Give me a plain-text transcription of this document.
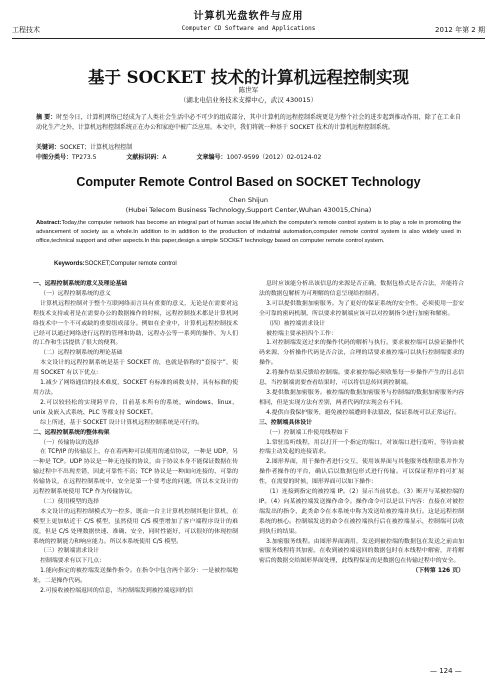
计算机光盘软件与应用
工程技术	Computer CD Software and Applications	2012 年第 2 期
基于 SOCKET 技术的计算机远程控制实现
陈世军
（湖北电信业务技术支撑中心，武汉 430015）
摘 要：时至今日，计算机网络已经成为了人类社会生活中必不可少的组成部分，其中计算机的远程控制系统更是为整个社会的进步起到推动作用，除了在工业自动化生产之外，计算机远程控制系统正在办公和家庭中被广泛应用。本文中，我们将就一种基于 SOCKET 技术的计算机远程控制系统。
关键词：SOCKET；计算机远程控制
中图分类号：TP273.5	文献标识码：A	文章编号：1007-9599（2012）02-0124-02
Computer Remote Control Based on SOCKET Technology
Chen Shijun
(Hubei Telecom Business Technology,Support Center,Wuhan 430015,China)
Abstract:Today,the computer network has become an integral part of human social life,which the computer's remote control system is to play a role in promoting the advancement of society as a whole.In addition to in addition to the production of industrial automation,computer remote control system is also widely used in office,technical support and other aspects.In this paper,design a simple SOCKET technology based on computer remote control system.
Keywords:SOCKET;Computer remote control

一、远程控制系统的意义及理论基础

（一）远程控制系统的意义

计算机远程控制对于整个互联网络而言具有重要的意义，无论是在需要对远程技术支持或者是在需要办公的数据操作的时候，远程控制技术都是计算机网络技术中一个不可或缺的重要组成部分。例如在企业中，计算机远程控制技术已经可以通过网络进行远程的管理和协助，远程办公等一系列的操作，为人们的工作和生活提供了很大的便利。

（二）远程控制系统的理论基础

本文设计的远程控制系统是基于 SOCKET 的，也就是俗称的“套接字”，使用 SOCKET 有以下优点：

1.减少了网络通信的技术难度，SOCKET 有标准的函数支持，具有标准的使用方法。

2.可以较轻松的实现跨平台，目前基本所有的系统，windows、linux、unix 及嵌入式系统、PLC 等都支持 SOCKET。

综上所述，基于 SOCKET 设计计算机远程控制系统是可行的。

二、远程控制系统的整体构架

（一）传输协议的选择

在 TCP/IP 的传输层上，存在着两种可以使用的通信协议，一种是 UDP，另一种是 TCP。UDP 协议是一种无连接的协议，由于协议本身不能保证数据在传输过程中不出现差错，因此可靠性不高；TCP 协议是一种面向连接的、可靠的传输协议，在远程控制系统中，安全是第一个要考虑的问题，所以本文设计的远程控制系统使用 TCP 作为传输协议。

（二）使用模型的选择

本文设计的远程控制模式为一控多，既由一台主计算机控制其他计算机，在模型上更加贴近于 C/S 模型，虽然使用 C/S 模型增加了客户端程序设计的难度，但是 C/S 处理数据快速、准确、安全，同时性能好，可以很好的体现控制系统的控制能力和响应能力。所以本系统使用 C/S 模型。

（三）控制端需求设计

控制端要求有以下几点：

1.能向指定的被控端发送操作指令。在指令中包含两个部分：一是被控端地址，二是操作代码。

2.可接收被控端返回的信息，当控制端发到被控端返回的信

息时应该能分析出该信息的来源是否正确，数据包格式是否合法，并能将合法的数据包解析为可理解的信息呈现给控制者。

3.可以提供数据加密服务。为了更好的保证系统的安全性，必须使用一套安全可靠的密码机制，所以要求控制端应该可以对控制指令进行加密和解密。

（四）被控端需求设计

被控端主要承担四个工作：

1.对控制端发送过来的操作代码的解析与执行。要求被控端可以验证操作代码来源，分析操作代码是否合法，合理的话要求被控端可以执行控制端要求的操作。

2.将操作结果反馈给控制端。要求被控端必须收集每一步操作产生的日志信息，当控制端需要查看结果时，可以将信息传回到控制端。

3.提供数据加密服务。被控端的数据加密服务与控制端的数据加密服务内容相同，但是实现方法有差别，两者代码的实现会有不同。

4.提供自我保护服务，避免被控端遭到非法篡改，保证系统可以正常运行。

三、控制端具体设计

（一）控制端工作使用线程如下

1.常驻监听线程，用以打开一个指定的端口，对该端口进行监听，等待由被控端主动发起的连接请求。

2.图形界面，用于操作者进行交互，使用该界面与其他服务线程联系并作为操作者操作的平台，确认后以数据包形式进行传输。可以保证程序的可扩展性，在需要的时候，图形界面可以如下操作：

（1）连接到指定的被控端 IP。（2）显示当前状态。（3）断开与某被控端的 IP。（4）向某被控端发送操作命令。操作命令可以是以下内容：直接在对被控端发出的指令，此类命令在本系统中称为发送给被控端并执行。这是远程控制系统的核心。控制端发送的命令在被控端执行后在被控端显示，控制端可以收到执行的结果。

3.加密服务线程。由图形界面调用，发送到被控端的数据包在发送之前由加密服务线程将其加密。在收到被控端返回的数据包时在本线程中解密，并将解密后的数据交给图形界面处理，此线程保证的是数据包在传输过程中的安全。

（下转第 126 页）

— 124 —
